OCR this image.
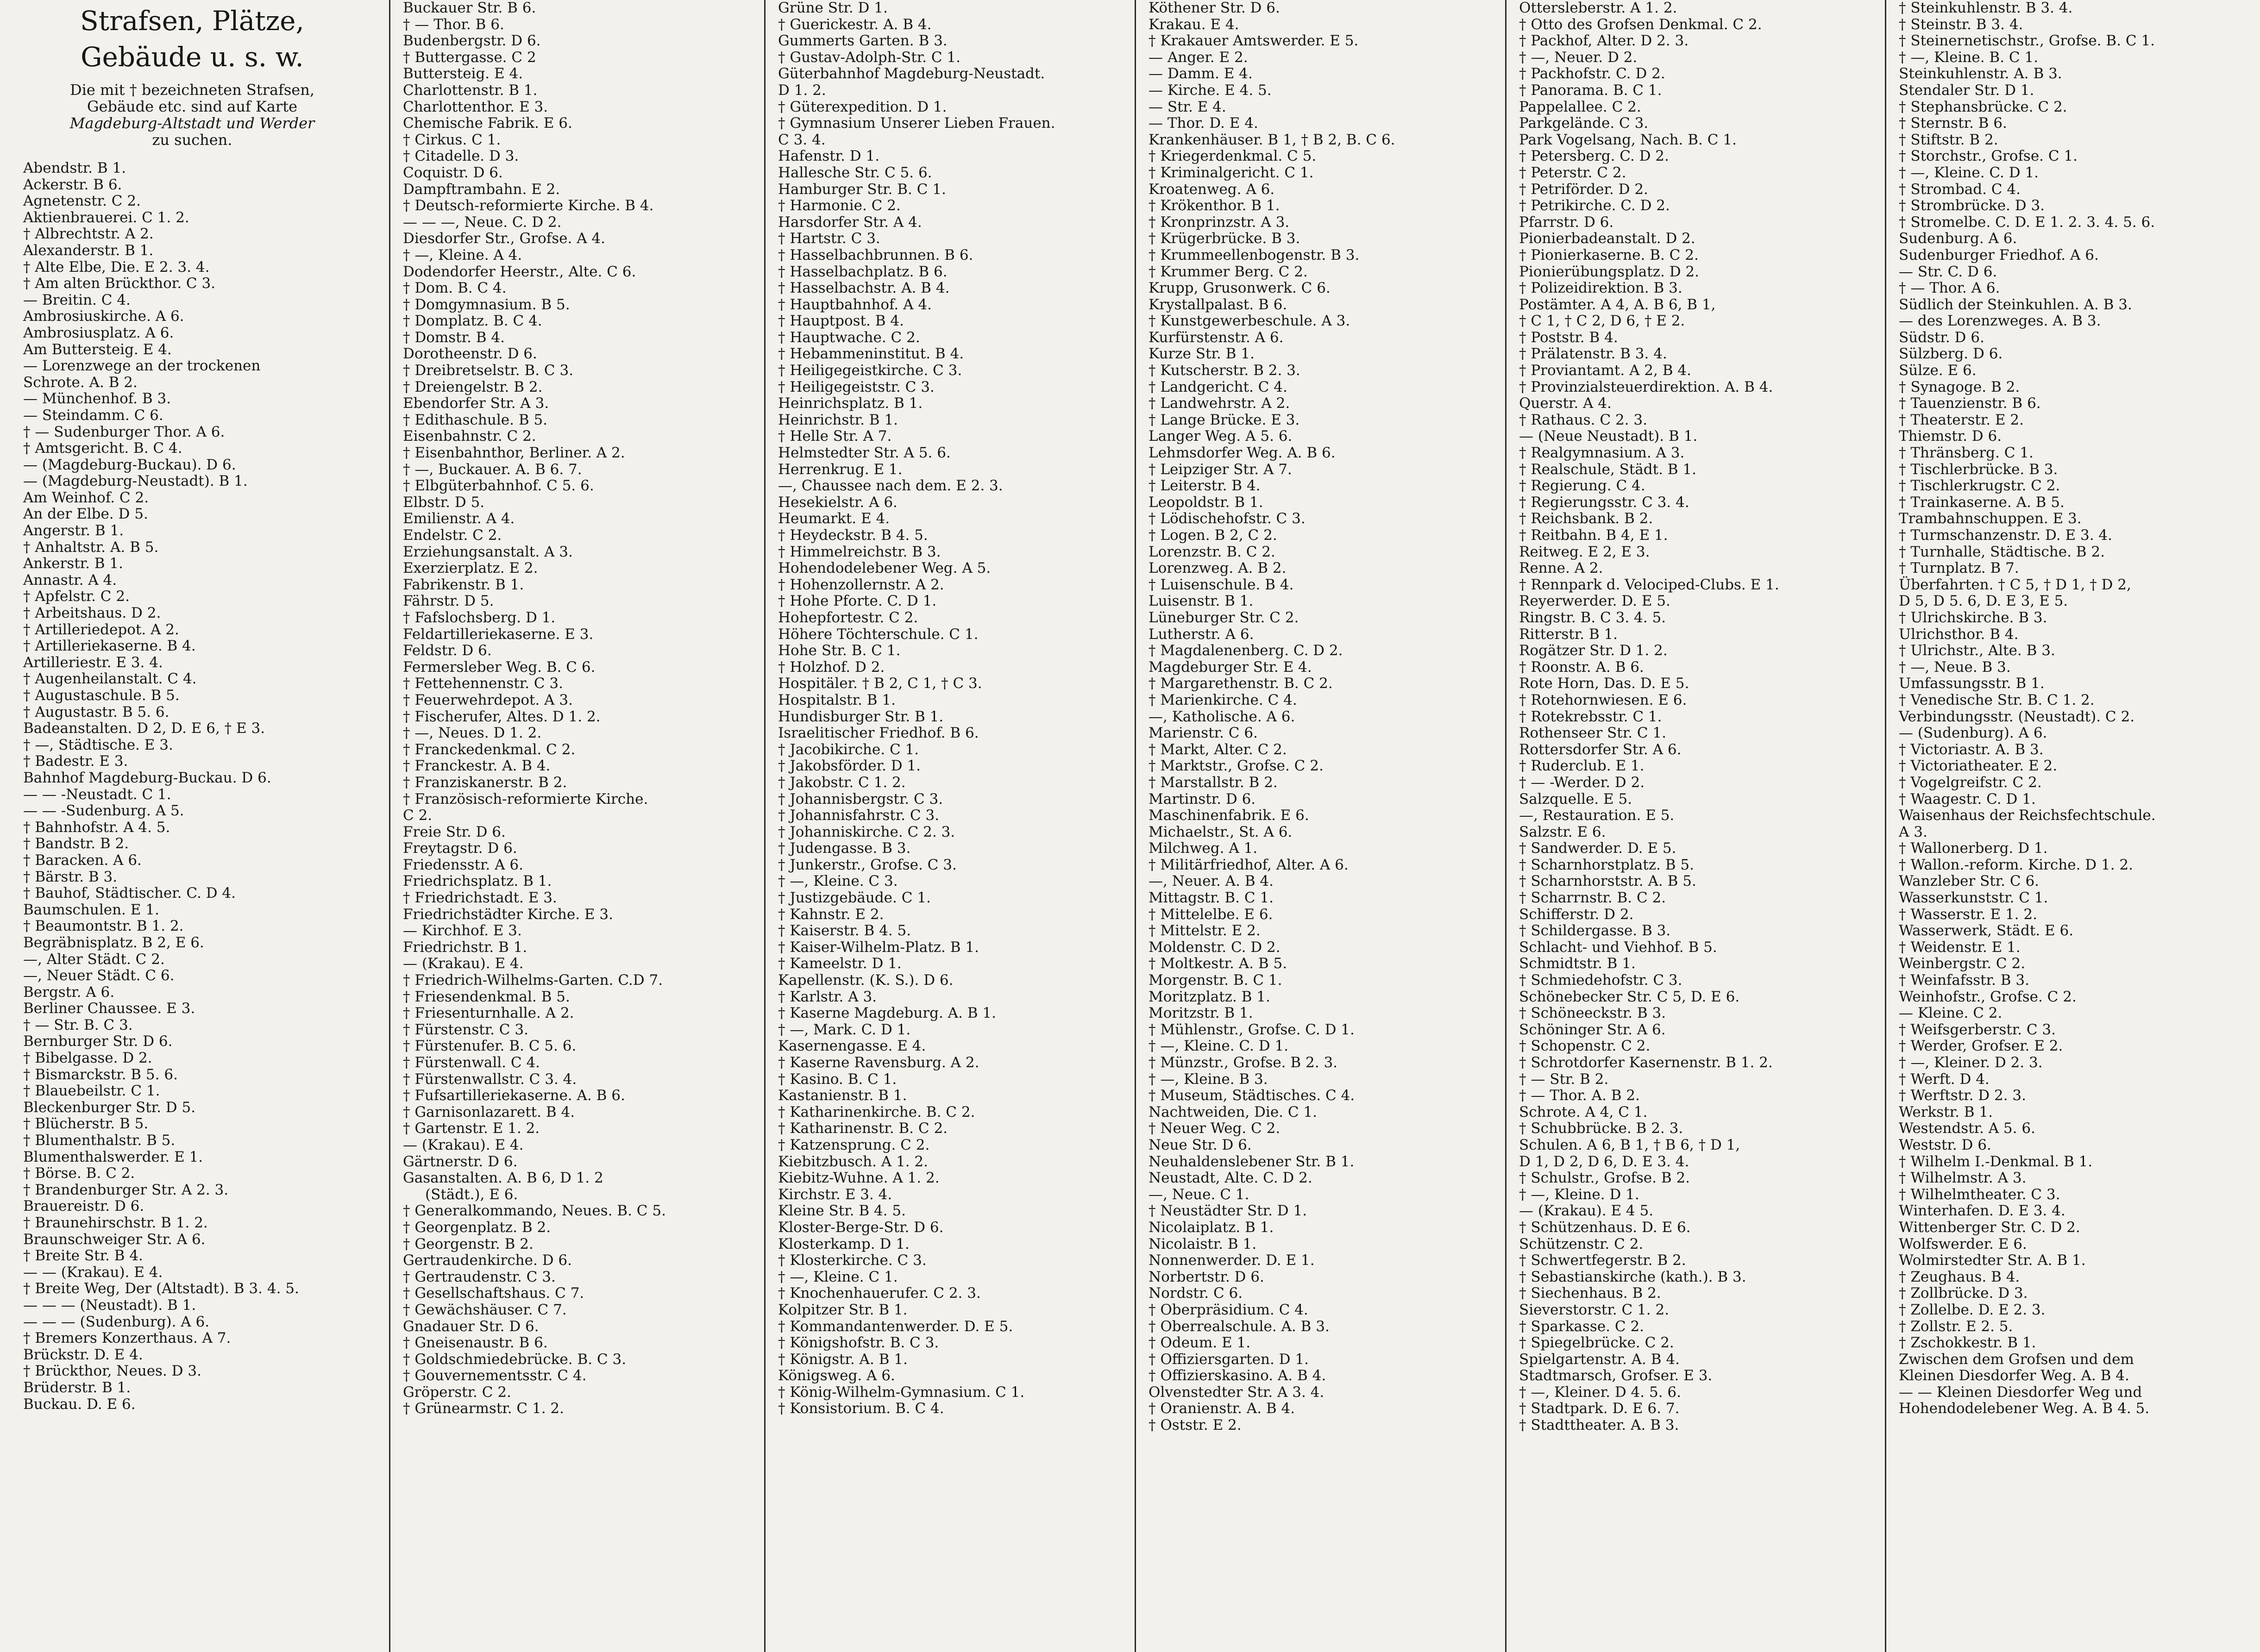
Strafsen, Plätze,
Gebäude u. s. w.
Die mit † bezeichneten Strafsen,
Gebäude etc. sind auf Karte
Magdeburg-Altstadt und Werder
zu suchen.
Abendstr. B 1.
Ackerstr. B 6.
Agnetenstr. C 2.
Aktienbrauerei. C 1. 2.
† Albrechtstr. A 2.
Alexanderstr. B 1.
† Alte Elbe, Die. E 2. 3. 4.
† Am alten Brückthor. C 3.
— Breitin. C 4.
Ambrosiuskirche. A 6.
Ambrosiusplatz. A 6.
Am Buttersteig. E 4.
— Lorenzwege an der trockenen
Schrote. A. B 2.
— Münchenhof. B 3.
— Steindamm. C 6.
† — Sudenburger Thor. A 6.
† Amtsgericht. B. C 4.
— (Magdeburg-Buckau). D 6.
— (Magdeburg-Neustadt). B 1.
Am Weinhof. C 2.
An der Elbe. D 5.
Angerstr. B 1.
† Anhaltstr. A. B 5.
Ankerstr. B 1.
Annastr. A 4.
† Apfelstr. C 2.
† Arbeitshaus. D 2.
† Artilleriedepot. A 2.
† Artilleriekaserne. B 4.
Artilleriestr. E 3. 4.
† Augenheilanstalt. C 4.
† Augustaschule. B 5.
† Augustastr. B 5. 6.
Badeanstalten. D 2, D. E 6, † E 3.
† —, Städtische. E 3.
† Badestr. E 3.
Bahnhof Magdeburg-Buckau. D 6.
— — -Neustadt. C 1.
— — -Sudenburg. A 5.
† Bahnhofstr. A 4. 5.
† Bandstr. B 2.
† Baracken. A 6.
† Bärstr. B 3.
† Bauhof, Städtischer. C. D 4.
Baumschulen. E 1.
† Beaumontstr. B 1. 2.
Begräbnisplatz. B 2, E 6.
—, Alter Städt. C 2.
—, Neuer Städt. C 6.
Bergstr. A 6.
Berliner Chaussee. E 3.
† — Str. B. C 3.
Bernburger Str. D 6.
† Bibelgasse. D 2.
† Bismarckstr. B 5. 6.
† Blauebeilstr. C 1.
Bleckenburger Str. D 5.
† Blücherstr. B 5.
† Blumenthalstr. B 5.
Blumenthalswerder. E 1.
† Börse. B. C 2.
† Brandenburger Str. A 2. 3.
Brauereistr. D 6.
† Braunehirschstr. B 1. 2.
Braunschweiger Str. A 6.
† Breite Str. B 4.
— — (Krakau). E 4.
† Breite Weg, Der (Altstadt). B 3. 4. 5.
— — — (Neustadt). B 1.
— — — (Sudenburg). A 6.
† Bremers Konzerthaus. A 7.
Brückstr. D. E 4.
† Brückthor, Neues. D 3.
Brüderstr. B 1.
Buckau. D. E 6.
Buckauer Str. B 6.
† — Thor. B 6.
Budenbergstr. D 6.
† Buttergasse. C 2
Buttersteig. E 4.
Charlottenstr. B 1.
Charlottenthor. E 3.
Chemische Fabrik. E 6.
† Cirkus. C 1.
† Citadelle. D 3.
Coquistr. D 6.
Dampftrambahn. E 2.
† Deutsch-reformierte Kirche. B 4.
— — —, Neue. C. D 2.
Diesdorfer Str., Grofse. A 4.
† —, Kleine. A 4.
Dodendorfer Heerstr., Alte. C 6.
† Dom. B. C 4.
† Domgymnasium. B 5.
† Domplatz. B. C 4.
† Domstr. B 4.
Dorotheenstr. D 6.
† Dreibretselstr. B. C 3.
† Dreiengelstr. B 2.
Ebendorfer Str. A 3.
† Edithaschule. B 5.
Eisenbahnstr. C 2.
† Eisenbahnthor, Berliner. A 2.
† —, Buckauer. A. B 6. 7.
† Elbgüterbahnhof. C 5. 6.
Elbstr. D 5.
Emilienstr. A 4.
Endelstr. C 2.
Erziehungsanstalt. A 3.
Exerzierplatz. E 2.
Fabrikenstr. B 1.
Fährstr. D 5.
† Fafslochsberg. D 1.
Feldartilleriekaserne. E 3.
Feldstr. D 6.
Fermersleber Weg. B. C 6.
† Fettehennenstr. C 3.
† Feuerwehrdepot. A 3.
† Fischerufer, Altes. D 1. 2.
† —, Neues. D 1. 2.
† Franckedenkmal. C 2.
† Franckestr. A. B 4.
† Franziskanerstr. B 2.
† Französisch-reformierte Kirche.
C 2.
Freie Str. D 6.
Freytagstr. D 6.
Friedensstr. A 6.
Friedrichsplatz. B 1.
† Friedrichstadt. E 3.
Friedrichstädter Kirche. E 3.
— Kirchhof. E 3.
Friedrichstr. B 1.
— (Krakau). E 4.
† Friedrich-Wilhelms-Garten. C.D 7.
† Friesendenkmal. B 5.
† Friesenturnhalle. A 2.
† Fürstenstr. C 3.
† Fürstenufer. B. C 5. 6.
† Fürstenwall. C 4.
† Fürstenwallstr. C 3. 4.
† Fufsartilleriekaserne. A. B 6.
† Garnisonlazarett. B 4.
† Gartenstr. E 1. 2.
— (Krakau). E 4.
Gärtnerstr. D 6.
Gasanstalten. A. B 6, D 1. 2
(Städt.), E 6.
† Generalkommando, Neues. B. C 5.
† Georgenplatz. B 2.
† Georgenstr. B 2.
Gertraudenkirche. D 6.
† Gertraudenstr. C 3.
† Gesellschaftshaus. C 7.
† Gewächshäuser. C 7.
Gnadauer Str. D 6.
† Gneisenaustr. B 6.
† Goldschmiedebrücke. B. C 3.
† Gouvernementsstr. C 4.
Gröperstr. C 2.
† Grünearmstr. C 1. 2.
Grüne Str. D 1.
† Guerickestr. A. B 4.
Gummerts Garten. B 3.
† Gustav-Adolph-Str. C 1.
Güterbahnhof Magdeburg-Neustadt.
D 1. 2.
† Güterexpedition. D 1.
† Gymnasium Unserer Lieben Frauen.
C 3. 4.
Hafenstr. D 1.
Hallesche Str. C 5. 6.
Hamburger Str. B. C 1.
† Harmonie. C 2.
Harsdorfer Str. A 4.
† Hartstr. C 3.
† Hasselbachbrunnen. B 6.
† Hasselbachplatz. B 6.
† Hasselbachstr. A. B 4.
† Hauptbahnhof. A 4.
† Hauptpost. B 4.
† Hauptwache. C 2.
† Hebammeninstitut. B 4.
† Heiligegeistkirche. C 3.
† Heiligegeiststr. C 3.
Heinrichsplatz. B 1.
Heinrichstr. B 1.
† Helle Str. A 7.
Helmstedter Str. A 5. 6.
Herrenkrug. E 1.
—, Chaussee nach dem. E 2. 3.
Hesekielstr. A 6.
Heumarkt. E 4.
† Heydeckstr. B 4. 5.
† Himmelreichstr. B 3.
Hohendodelebener Weg. A 5.
† Hohenzollernstr. A 2.
† Hohe Pforte. C. D 1.
Hohepfortestr. C 2.
Höhere Töchterschule. C 1.
Hohe Str. B. C 1.
† Holzhof. D 2.
Hospitäler. † B 2, C 1, † C 3.
Hospitalstr. B 1.
Hundisburger Str. B 1.
Israelitischer Friedhof. B 6.
† Jacobikirche. C 1.
† Jakobsförder. D 1.
† Jakobstr. C 1. 2.
† Johannisbergstr. C 3.
† Johannisfahrstr. C 3.
† Johanniskirche. C 2. 3.
† Judengasse. B 3.
† Junkerstr., Grofse. C 3.
† —, Kleine. C 3.
† Justizgebäude. C 1.
† Kahnstr. E 2.
† Kaiserstr. B 4. 5.
† Kaiser-Wilhelm-Platz. B 1.
† Kameelstr. D 1.
Kapellenstr. (K. S.). D 6.
† Karlstr. A 3.
† Kaserne Magdeburg. A. B 1.
† —, Mark. C. D 1.
Kasernengasse. E 4.
† Kaserne Ravensburg. A 2.
† Kasino. B. C 1.
Kastanienstr. B 1.
† Katharinenkirche. B. C 2.
† Katharinenstr. B. C 2.
† Katzensprung. C 2.
Kiebitzbusch. A 1. 2.
Kiebitz-Wuhne. A 1. 2.
Kirchstr. E 3. 4.
Kleine Str. B 4. 5.
Kloster-Berge-Str. D 6.
Klosterkamp. D 1.
† Klosterkirche. C 3.
† —, Kleine. C 1.
† Knochenhauerufer. C 2. 3.
Kolpitzer Str. B 1.
† Kommandantenwerder. D. E 5.
† Königshofstr. B. C 3.
† Königstr. A. B 1.
Königsweg. A 6.
† König-Wilhelm-Gymnasium. C 1.
† Konsistorium. B. C 4.
Köthener Str. D 6.
Krakau. E 4.
† Krakauer Amtswerder. E 5.
— Anger. E 2.
— Damm. E 4.
— Kirche. E 4. 5.
— Str. E 4.
— Thor. D. E 4.
Krankenhäuser. B 1, † B 2, B. C 6.
† Kriegerdenkmal. C 5.
† Kriminalgericht. C 1.
Kroatenweg. A 6.
† Krökenthor. B 1.
† Kronprinzstr. A 3.
† Krügerbrücke. B 3.
† Krummeellenbogenstr. B 3.
† Krummer Berg. C 2.
Krupp, Grusonwerk. C 6.
Krystallpalast. B 6.
† Kunstgewerbeschule. A 3.
Kurfürstenstr. A 6.
Kurze Str. B 1.
† Kutscherstr. B 2. 3.
† Landgericht. C 4.
† Landwehrstr. A 2.
† Lange Brücke. E 3.
Langer Weg. A 5. 6.
Lehmsdorfer Weg. A. B 6.
† Leipziger Str. A 7.
† Leiterstr. B 4.
Leopoldstr. B 1.
† Lödischehofstr. C 3.
† Logen. B 2, C 2.
Lorenzstr. B. C 2.
Lorenzweg. A. B 2.
† Luisenschule. B 4.
Luisenstr. B 1.
Lüneburger Str. C 2.
Lutherstr. A 6.
† Magdalenenberg. C. D 2.
Magdeburger Str. E 4.
† Margarethenstr. B. C 2.
† Marienkirche. C 4.
—, Katholische. A 6.
Marienstr. C 6.
† Markt, Alter. C 2.
† Marktstr., Grofse. C 2.
† Marstallstr. B 2.
Martinstr. D 6.
Maschinenfabrik. E 6.
Michaelstr., St. A 6.
Milchweg. A 1.
† Militärfriedhof, Alter. A 6.
—, Neuer. A. B 4.
Mittagstr. B. C 1.
† Mittelelbe. E 6.
† Mittelstr. E 2.
Moldenstr. C. D 2.
† Moltkestr. A. B 5.
Morgenstr. B. C 1.
Moritzplatz. B 1.
Moritzstr. B 1.
† Mühlenstr., Grofse. C. D 1.
† —, Kleine. C. D 1.
† Münzstr., Grofse. B 2. 3.
† —, Kleine. B 3.
† Museum, Städtisches. C 4.
Nachtweiden, Die. C 1.
† Neuer Weg. C 2.
Neue Str. D 6.
Neuhaldenslebener Str. B 1.
Neustadt, Alte. C. D 2.
—, Neue. C 1.
† Neustädter Str. D 1.
Nicolaiplatz. B 1.
Nicolaistr. B 1.
Nonnenwerder. D. E 1.
Norbertstr. D 6.
Nordstr. C 6.
† Oberpräsidium. C 4.
† Oberrealschule. A. B 3.
† Odeum. E 1.
† Offiziersgarten. D 1.
† Offizierskasino. A. B 4.
Olvenstedter Str. A 3. 4.
† Oranienstr. A. B 4.
† Oststr. E 2.
Ottersleberstr. A 1. 2.
† Otto des Grofsen Denkmal. C 2.
† Packhof, Alter. D 2. 3.
† —, Neuer. D 2.
† Packhofstr. C. D 2.
† Panorama. B. C 1.
Pappelallee. C 2.
Parkgelände. C 3.
Park Vogelsang, Nach. B. C 1.
† Petersberg. C. D 2.
† Peterstr. C 2.
† Petriförder. D 2.
† Petrikirche. C. D 2.
Pfarrstr. D 6.
Pionierbadeanstalt. D 2.
† Pionierkaserne. B. C 2.
Pionierübungsplatz. D 2.
† Polizeidirektion. B 3.
Postämter. A 4, A. B 6, B 1,
† C 1, † C 2, D 6, † E 2.
† Poststr. B 4.
† Prälatenstr. B 3. 4.
† Proviantamt. A 2, B 4.
† Provinzialsteuerdirektion. A. B 4.
Querstr. A 4.
† Rathaus. C 2. 3.
— (Neue Neustadt). B 1.
† Realgymnasium. A 3.
† Realschule, Städt. B 1.
† Regierung. C 4.
† Regierungsstr. C 3. 4.
† Reichsbank. B 2.
† Reitbahn. B 4, E 1.
Reitweg. E 2, E 3.
Renne. A 2.
† Rennpark d. Velociped-Clubs. E 1.
Reyerwerder. D. E 5.
Ringstr. B. C 3. 4. 5.
Ritterstr. B 1.
Rogätzer Str. D 1. 2.
† Roonstr. A. B 6.
Rote Horn, Das. D. E 5.
† Rotehornwiesen. E 6.
† Rotekrebsstr. C 1.
Rothenseer Str. C 1.
Rottersdorfer Str. A 6.
† Ruderclub. E 1.
† — -Werder. D 2.
Salzquelle. E 5.
—, Restauration. E 5.
Salzstr. E 6.
† Sandwerder. D. E 5.
† Scharnhorstplatz. B 5.
† Scharnhorststr. A. B 5.
† Scharrnstr. B. C 2.
Schifferstr. D 2.
† Schildergasse. B 3.
Schlacht- und Viehhof. B 5.
Schmidtstr. B 1.
† Schmiedehofstr. C 3.
Schönebecker Str. C 5, D. E 6.
† Schöneeckstr. B 3.
Schöninger Str. A 6.
† Schopenstr. C 2.
† Schrotdorfer Kasernenstr. B 1. 2.
† — Str. B 2.
† — Thor. A. B 2.
Schrote. A 4, C 1.
† Schubbrücke. B 2. 3.
Schulen. A 6, B 1, † B 6, † D 1,
D 1, D 2, D 6, D. E 3. 4.
† Schulstr., Grofse. B 2.
† —, Kleine. D 1.
— (Krakau). E 4 5.
† Schützenhaus. D. E 6.
Schützenstr. C 2.
† Schwertfegerstr. B 2.
† Sebastianskirche (kath.). B 3.
† Siechenhaus. B 2.
Sieverstorstr. C 1. 2.
† Sparkasse. C 2.
† Spiegelbrücke. C 2.
Spielgartenstr. A. B 4.
Stadtmarsch, Grofser. E 3.
† —, Kleiner. D 4. 5. 6.
† Stadtpark. D. E 6. 7.
† Stadttheater. A. B 3.
† Steinkuhlenstr. B 3. 4.
† Steinstr. B 3. 4.
† Steinernetischstr., Grofse. B. C 1.
† —, Kleine. B. C 1.
Steinkuhlenstr. A. B 3.
Stendaler Str. D 1.
† Stephansbrücke. C 2.
† Sternstr. B 6.
† Stiftstr. B 2.
† Storchstr., Grofse. C 1.
† —, Kleine. C. D 1.
† Strombad. C 4.
† Strombrücke. D 3.
† Stromelbe. C. D. E 1. 2. 3. 4. 5. 6.
Sudenburg. A 6.
Sudenburger Friedhof. A 6.
— Str. C. D 6.
† — Thor. A 6.
Südlich der Steinkuhlen. A. B 3.
— des Lorenzweges. A. B 3.
Südstr. D 6.
Sülzberg. D 6.
Sülze. E 6.
† Synagoge. B 2.
† Tauenzienstr. B 6.
† Theaterstr. E 2.
Thiemstr. D 6.
† Thränsberg. C 1.
† Tischlerbrücke. B 3.
† Tischlerkrugstr. C 2.
† Trainkaserne. A. B 5.
Trambahnschuppen. E 3.
† Turmschanzenstr. D. E 3. 4.
† Turnhalle, Städtische. B 2.
† Turnplatz. B 7.
Überfahrten. † C 5, † D 1, † D 2,
D 5, D 5. 6, D. E 3, E 5.
† Ulrichskirche. B 3.
Ulrichsthor. B 4.
† Ulrichstr., Alte. B 3.
† —, Neue. B 3.
Umfassungsstr. B 1.
† Venedische Str. B. C 1. 2.
Verbindungsstr. (Neustadt). C 2.
— (Sudenburg). A 6.
† Victoriastr. A. B 3.
† Victoriatheater. E 2.
† Vogelgreifstr. C 2.
† Waagestr. C. D 1.
Waisenhaus der Reichsfechtschule.
A 3.
† Wallonerberg. D 1.
† Wallon.-reform. Kirche. D 1. 2.
Wanzleber Str. C 6.
Wasserkunststr. C 1.
† Wasserstr. E 1. 2.
Wasserwerk, Städt. E 6.
† Weidenstr. E 1.
Weinbergstr. C 2.
† Weinfafsstr. B 3.
Weinhofstr., Grofse. C 2.
— Kleine. C 2.
† Weifsgerberstr. C 3.
† Werder, Grofser. E 2.
† —, Kleiner. D 2. 3.
† Werft. D 4.
† Werftstr. D 2. 3.
Werkstr. B 1.
Westendstr. A 5. 6.
Weststr. D 6.
† Wilhelm I.-Denkmal. B 1.
† Wilhelmstr. A 3.
† Wilhelmtheater. C 3.
Winterhafen. D. E 3. 4.
Wittenberger Str. C. D 2.
Wolfswerder. E 6.
Wolmirstedter Str. A. B 1.
† Zeughaus. B 4.
† Zollbrücke. D 3.
† Zollelbe. D. E 2. 3.
† Zollstr. E 2. 5.
† Zschokkestr. B 1.
Zwischen dem Grofsen und dem
Kleinen Diesdorfer Weg. A. B 4.
— — Kleinen Diesdorfer Weg und
Hohendodelebener Weg. A. B 4. 5.
